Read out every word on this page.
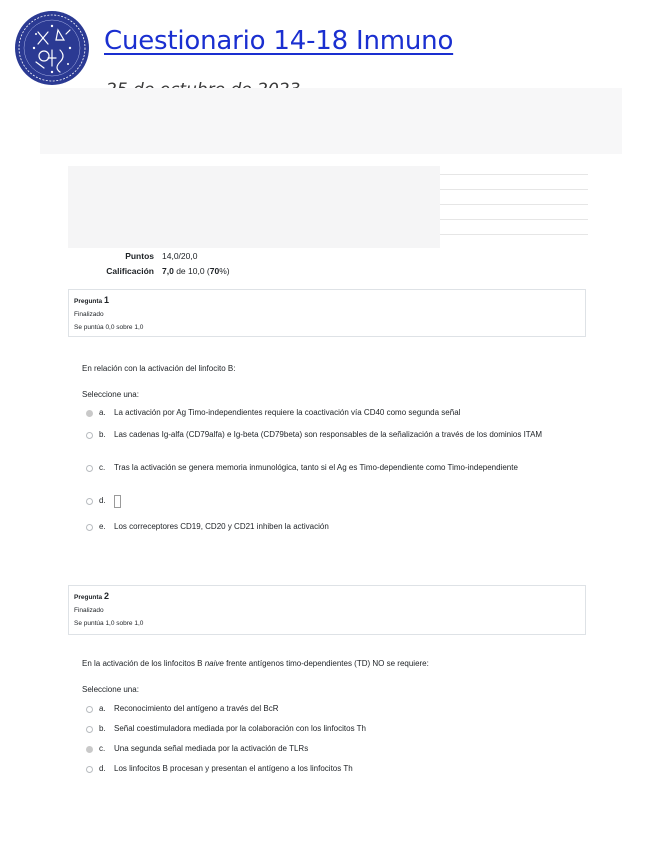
Cuestionario 14-18 Inmuno
Puntos 14,0/20,0
Calificación 7,0 de 10,0 (70%)
Pregunta 1
Finalizado
Se puntúa 0,0 sobre 1,0
En relación con la activación del linfocito B:
Seleccione una:
a.	La activación por Ag Timo-independientes requiere la coactivación vía CD40 como segunda señal
b.	Las cadenas Ig-alfa (CD79alfa) e Ig-beta (CD79beta) son responsables de la señalización a través de los dominios ITAM
c.	Tras la activación se genera memoria inmunológica, tanto si el Ag es Timo-dependiente como Timo-independiente
d.
e.	Los correceptores CD19, CD20 y CD21 inhiben la activación
Pregunta 2
Finalizado
Se puntúa 1,0 sobre 1,0
En la activación de los linfocitos B naive frente antígenos timo-dependientes (TD) NO se requiere:
Seleccione una:
a.	Reconocimiento del antígeno a través del BcR
b.	Señal coestimuladora mediada por la colaboración con los linfocitos Th
c.	Una segunda señal mediada por la activación de TLRs
d.	Los linfocitos B procesan y presentan el antígeno a los linfocitos Th
